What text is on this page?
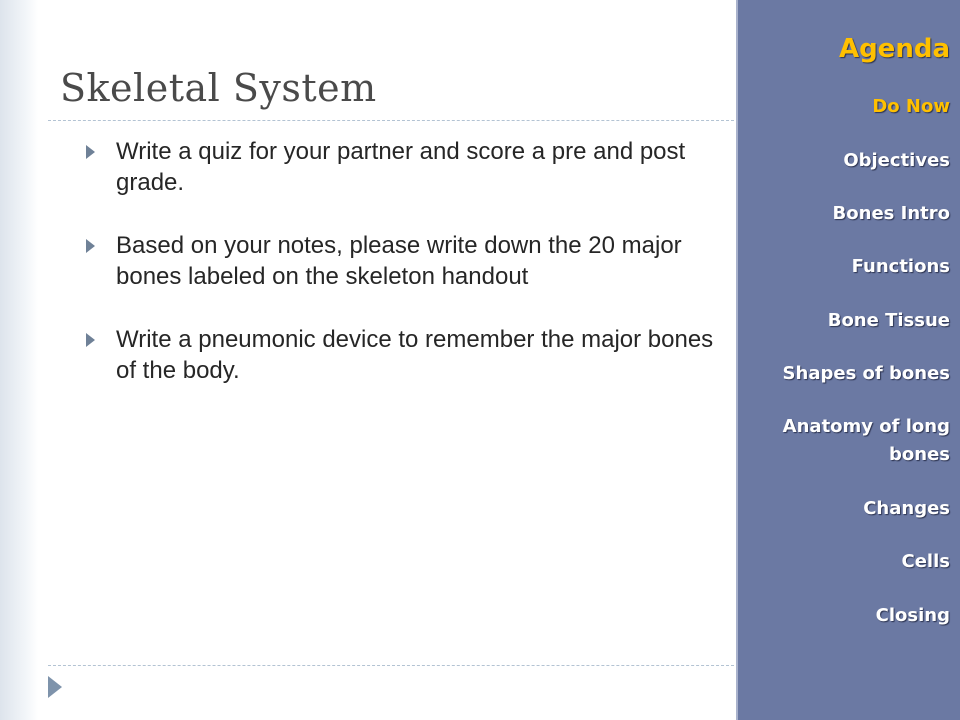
Skeletal System
Write a quiz for your partner and score a pre and post grade.
Based on your notes, please write down the 20 major bones labeled on the skeleton handout
Write a pneumonic device to remember the major bones of the body.
Agenda
Do Now
Objectives
Bones Intro
Functions
Bone Tissue
Shapes of bones
Anatomy of long bones
Changes
Cells
Closing
